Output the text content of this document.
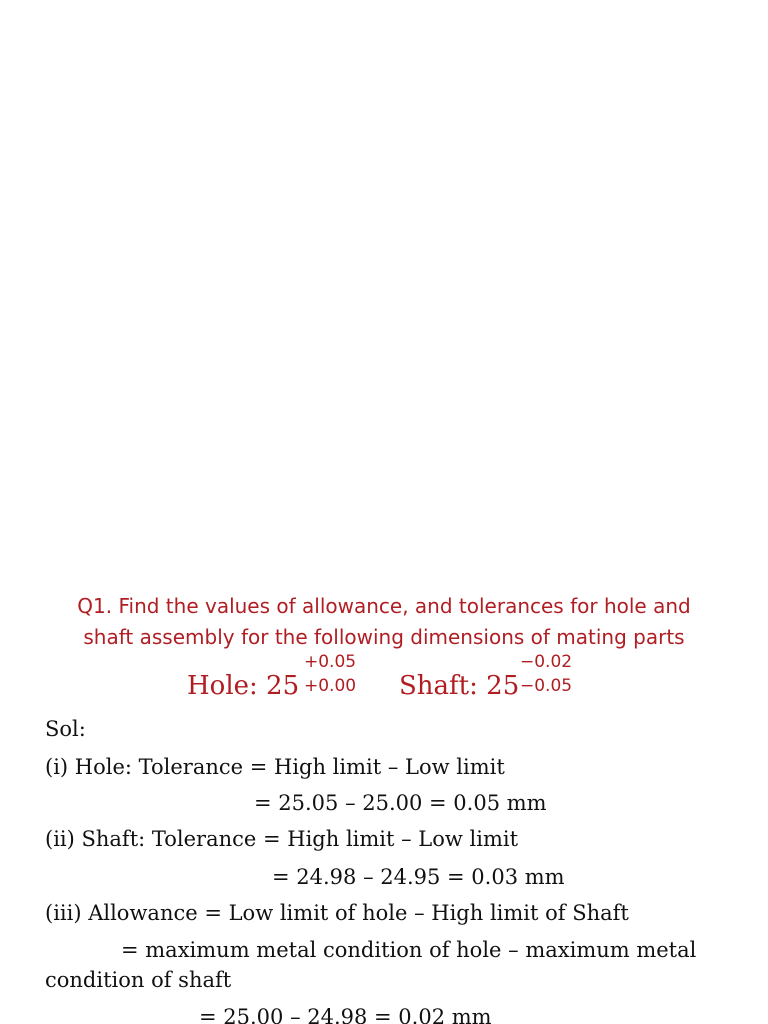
Q1. Find the values of allowance, and tolerances for hole and
shaft assembly for the following dimensions of mating parts
Hole: 25
+0.05
+0.00 Shaft: 25
−0.02
−0.05
Sol:
(i) Hole: Tolerance = High limit – Low limit
= 25.05 – 25.00 = 0.05 mm
(ii) Shaft: Tolerance = High limit – Low limit
= 24.98 – 24.95 = 0.03 mm
(iii) Allowance = Low limit of hole – High limit of Shaft
= maximum metal condition of hole – maximum metal
condition of shaft
= 25.00 – 24.98 = 0.02 mm
